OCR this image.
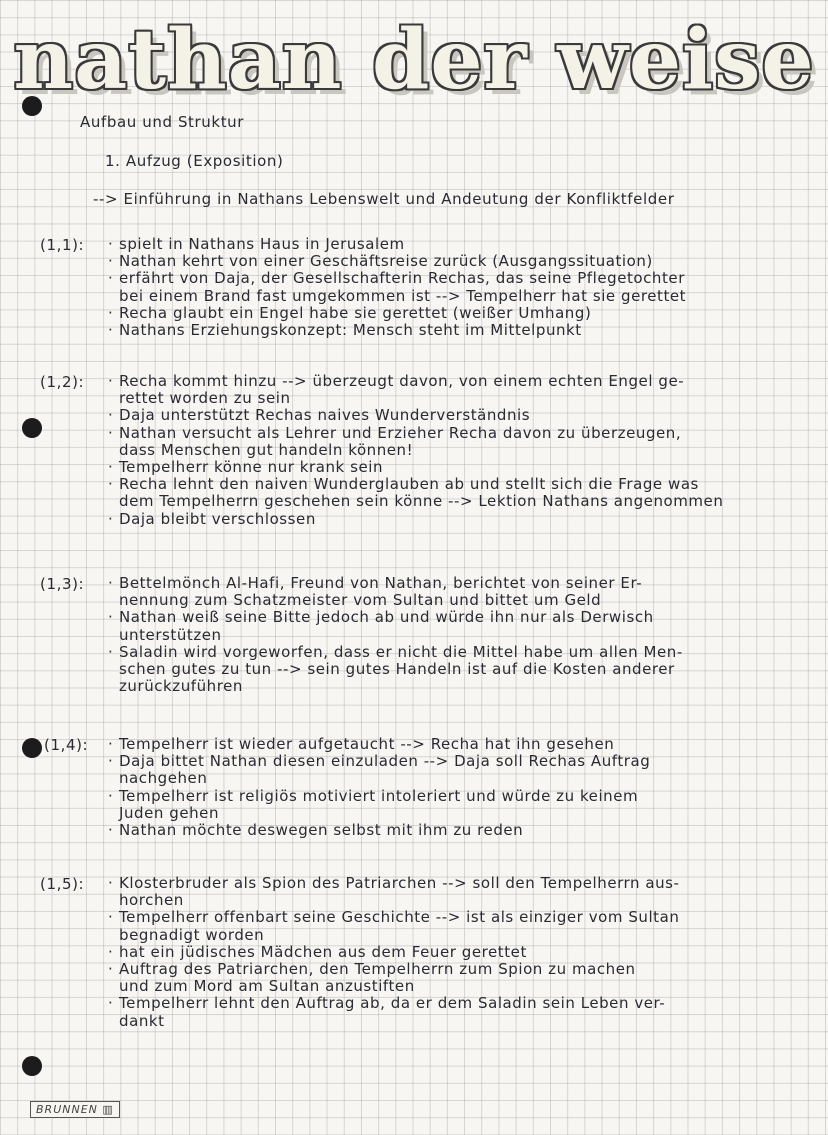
nathan der weise
Aufbau und Struktur
1. Aufzug (Exposition)
--> Einführung in Nathans Lebenswelt und Andeutung der Konfliktfelder
(1,1):	· spielt in Nathans Haus in Jerusalem
· Nathan kehrt von einer Geschäftsreise zurück (Ausgangssituation)
· erfährt von Daja, der Gesellschafterin Rechas, das seine Pflegetochter
bei einem Brand fast umgekommen ist --> Tempelherr hat sie gerettet
· Recha glaubt ein Engel habe sie gerettet (weißer Umhang)
· Nathans Erziehungskonzept: Mensch steht im Mittelpunkt
(1,2):	· Recha kommt hinzu --> überzeugt davon, von einem echten Engel ge-
rettet worden zu sein
· Daja unterstützt Rechas naives Wunderverständnis
· Nathan versucht als Lehrer und Erzieher Recha davon zu überzeugen,
dass Menschen gut handeln können!
· Tempelherr könne nur krank sein
· Recha lehnt den naiven Wunderglauben ab und stellt sich die Frage was
dem Tempelherrn geschehen sein könne --> Lektion Nathans angenommen
· Daja bleibt verschlossen
(1,3):	· Bettelmönch Al-Hafi, Freund von Nathan, berichtet von seiner Er-
nennung zum Schatzmeister vom Sultan und bittet um Geld
· Nathan weiß seine Bitte jedoch ab und würde ihn nur als Derwisch
unterstützen
· Saladin wird vorgeworfen, dass er nicht die Mittel habe um allen Men-
schen gutes zu tun --> sein gutes Handeln ist auf die Kosten anderer
zurückzuführen
(1,4):	· Tempelherr ist wieder aufgetaucht --> Recha hat ihn gesehen
· Daja bittet Nathan diesen einzuladen --> Daja soll Rechas Auftrag
nachgehen
· Tempelherr ist religiös motiviert intoleriert und würde zu keinem
Juden gehen
· Nathan möchte deswegen selbst mit ihm zu reden
(1,5):	· Klosterbruder als Spion des Patriarchen --> soll den Tempelherrn aus-
horchen
· Tempelherr offenbart seine Geschichte --> ist als einziger vom Sultan
begnadigt worden
· hat ein jüdisches Mädchen aus dem Feuer gerettet
· Auftrag des Patriarchen, den Tempelherrn zum Spion zu machen
und zum Mord am Sultan anzustiften
· Tempelherr lehnt den Auftrag ab, da er dem Saladin sein Leben ver-
dankt
BRUNNEN ▥
